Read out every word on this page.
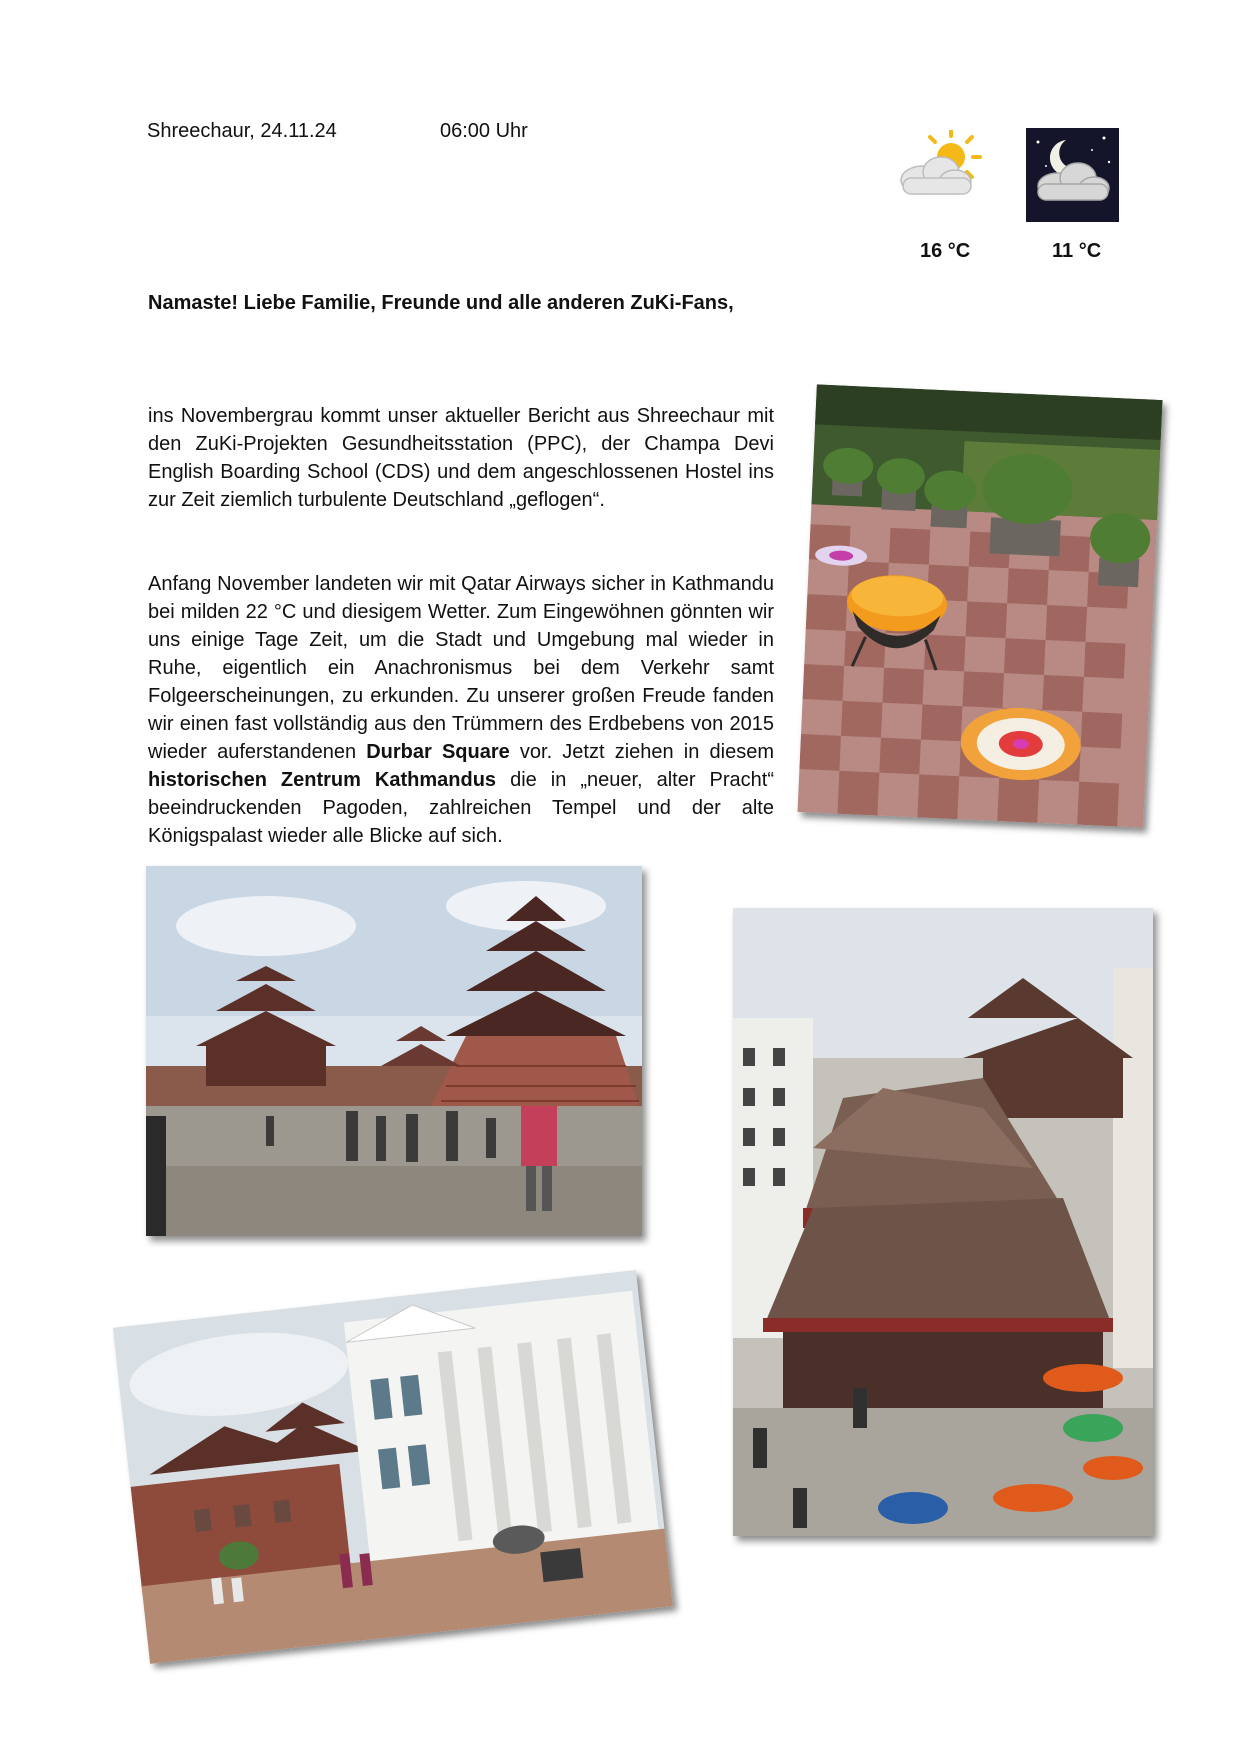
Shreechaur, 24.11.24	06:00 Uhr
16 °C	11 °C
Namaste! Liebe Familie, Freunde und alle anderen ZuKi-Fans,

ins Novembergrau kommt unser aktueller Bericht aus Shreechaur mit den ZuKi-Projekten Gesundheitsstation (PPC), der Champa Devi English Boarding School (CDS) und dem angeschlossenen Hostel ins zur Zeit ziemlich turbulente Deutschland „geflogen“.

Anfang November landeten wir mit Qatar Airways sicher in Kathmandu bei milden 22 °C und diesigem Wetter. Zum Eingewöhnen gönnten wir uns einige Tage Zeit, um die Stadt und Umgebung mal wieder in Ruhe, eigentlich ein Anachronismus bei dem Verkehr samt Folgeerscheinungen, zu erkunden. Zu unserer großen Freude fanden wir einen fast vollständig aus den Trümmern des Erdbebens von 2015 wieder auferstandenen Durbar Square vor. Jetzt ziehen in diesem historischen Zentrum Kathmandus die in „neuer, alter Pracht“ beeindruckenden Pagoden, zahlreichen Tempel und der alte Königspalast wieder alle Blicke auf sich.
